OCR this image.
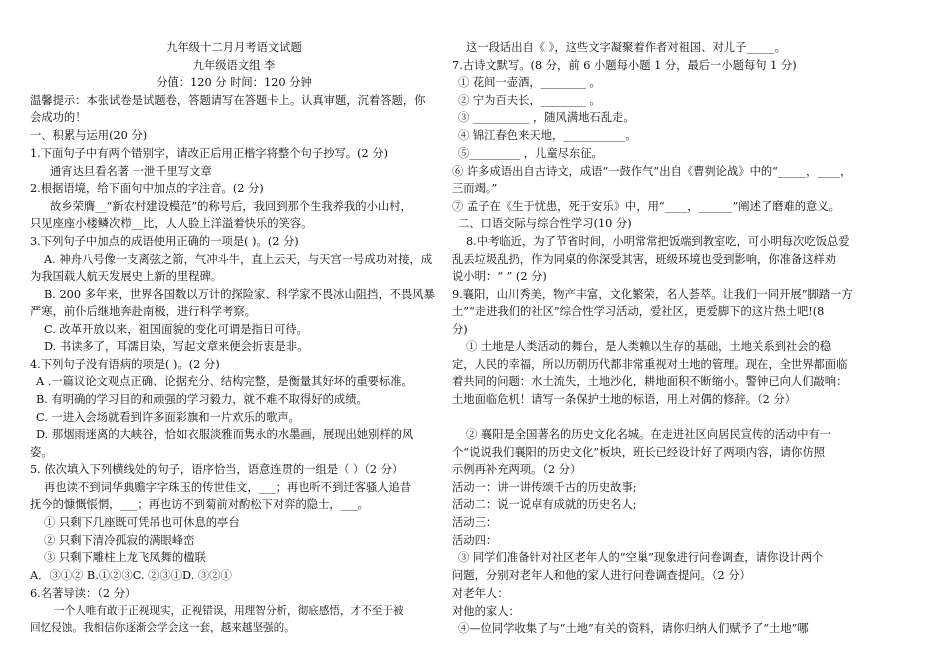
九年级十二月月考语文试题
九年级语文组 李
分值：120 分 时间：120 分钟
温馨提示：本张试卷是试题卷，答题请写在答题卡上。认真审题，沉着答题，你
会成功的！
一、积累与运用(20 分)
1.下面句子中有两个错别字，请改正后用正楷字将整个句子抄写。(2 分)
通宵达旦看名著 一泄千里写文章
2.根据语境，给下面句中加点的字注音。(2 分)
故乡荣膺__“新农村建设模范”的称号后，我回到那个生我养我的小山村，
只见座座小楼鳞次栉__比，人人脸上洋溢着快乐的笑容。
3.下列句子中加点的成语使用正确的一项是( )。(2 分)
A. 神舟八号像一支离弦之箭，气冲斗牛，直上云天，与天宫一号成功对接，成
为我国载人航天发展史上新的里程碑。
B. 200 多年来，世界各国数以万计的探险家、科学家不畏冰山阻挡，不畏风暴
严寒，前仆后继地奔赴南极，进行科学考察。
C. 改革开放以来，祖国面貌的变化可谓是指日可待。
D. 书读多了，耳濡目染，写起文章来便会折衷是非。
4.下列句子没有语病的项是( )。(2 分)
A .一篇议论文观点正确、论据充分、结构完整，是衡量其好坏的重要标准。
B. 有明确的学习目的和顽强的学习毅力，就不难不取得好的成绩。
C. 一进入会场就看到许多面彩旗和一片欢乐的歌声。
D. 那烟雨迷离的大峡谷，恰如衣服淡雅而隽永的水墨画，展现出她别样的风
姿。
5. 依次填入下列横线处的句子，语序恰当，语意连贯的一组是（ ）（2 分）
再也读不到词华典赡字字珠玉的传世佳文，___；再也听不到迁客骚人追昔
抚今的慷慨悵惘，___；再也访不到菊前对酌松下对弈的隐士，___。
① 只剩下几座既可凭吊也可休息的亭台
② 只剩下清冷孤寂的满眼峰峦
③ 只剩下雕柱上龙飞凤舞的楹联
A．③①② B.①②③C. ②③①D. ③②①
6.名著导读：（2 分）
一个人唯有敢于正视现实，正视错误，用理智分析，彻底感悟，才不至于被
回忆侵蚀。我相信你逐渐会学会这一套，越来越坚强的。
这一段话出自《 》，这些文字凝聚着作者对祖国、对儿子_____。
7.古诗文默写。(8 分，前 6 小题每小题 1 分，最后一小题每句 1 分)
① 花间一壶酒，________ 。
② 宁为百夫长，________ 。
③ __________ ，随风满地石乱走。
④ 锦江春色来天地，___________。
⑤_________ ，儿童尽东征。
⑥ 许多成语出自古诗文，成语“一鼓作气”出自《曹刿论战》中的“_____，____，
三而竭。”
⑦ 孟子在《生于忧患，死于安乐》中，用“____，______”阐述了磨难的意义。
二、口语交际与综合性学习(10 分)
8.中考临近，为了节省时间，小明常常把饭端到教室吃，可小明每次吃饭总爱
乱丢垃圾乱扔，作为同桌的你深受其害，班级环境也受到影响，你准备这样劝
说小明：“ ” (2 分)
9.襄阳，山川秀美，物产丰富，文化繁荣，名人荟萃。让我们一同开展“脚踏一方
土”“走进我们的社区”综合性学习活动，爱社区，更爱脚下的这片热土吧!(8
分)
① 土地是人类活动的舞台，是人类赖以生存的基础，土地关系到社会的稳
定，人民的幸福，所以历朝历代都非常重视对土地的管理。现在，全世界都面临
着共同的问题：水土流失，土地沙化，耕地面积不断缩小。警钟已向人们敲响：
土地面临危机！请写一条保护土地的标语，用上对偶的修辞。（2 分）
② 襄阳是全国著名的历史文化名城。在走进社区向居民宣传的活动中有一
个“说说我们襄阳的历史文化”板块，班长已经设计好了两项内容，请你仿照
示例再补充两项。（2 分）
活动一：讲一讲传颂千古的历史故事;
活动二：说一说卓有成就的历史名人;
活动三：
活动四：
③ 同学们准备针对社区老年人的“空巢”现象进行问卷调查，请你设计两个
问题，分别对老年人和他的家人进行问卷调查提问。（2 分）
对老年人：
对他的家人：
④—位同学收集了与“土地”有关的资料，请你归纳人们赋予了“土地”哪
